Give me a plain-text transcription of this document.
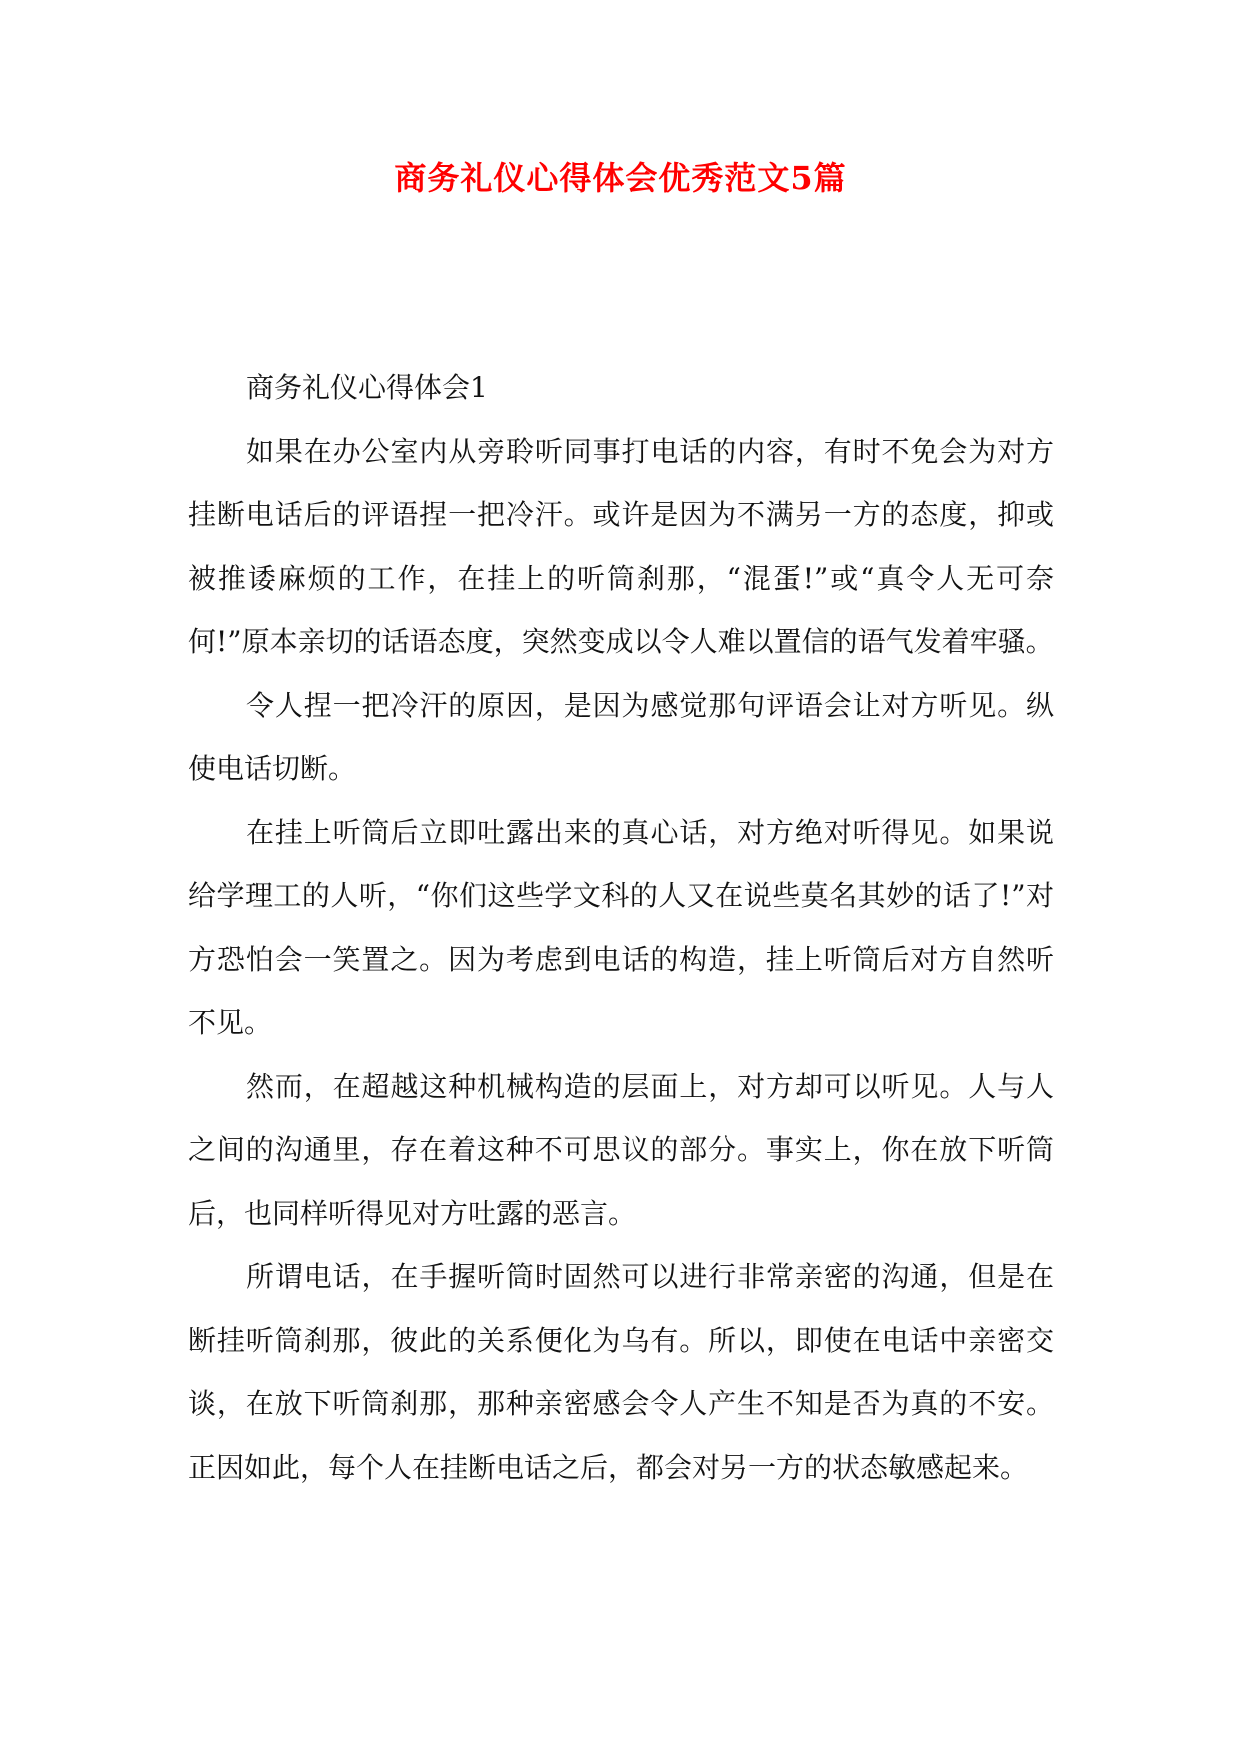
商务礼仪心得体会优秀范文5篇

商务礼仪心得体会1

如果在办公室内从旁聆听同事打电话的内容，有时不免会为对方挂断电话后的评语捏一把冷汗。或许是因为不满另一方的态度，抑或被推诿麻烦的工作，在挂上的听筒刹那，“混蛋!”或“真令人无可奈何!”原本亲切的话语态度，突然变成以令人难以置信的语气发着牢骚。

令人捏一把冷汗的原因，是因为感觉那句评语会让对方听见。纵使电话切断。

在挂上听筒后立即吐露出来的真心话，对方绝对听得见。如果说给学理工的人听，“你们这些学文科的人又在说些莫名其妙的话了!”对方恐怕会一笑置之。因为考虑到电话的构造，挂上听筒后对方自然听不见。

然而，在超越这种机械构造的层面上，对方却可以听见。人与人之间的沟通里，存在着这种不可思议的部分。事实上，你在放下听筒后，也同样听得见对方吐露的恶言。

所谓电话，在手握听筒时固然可以进行非常亲密的沟通，但是在断挂听筒刹那，彼此的关系便化为乌有。所以，即使在电话中亲密交谈，在放下听筒刹那，那种亲密感会令人产生不知是否为真的不安。正因如此，每个人在挂断电话之后，都会对另一方的状态敏感起来。
